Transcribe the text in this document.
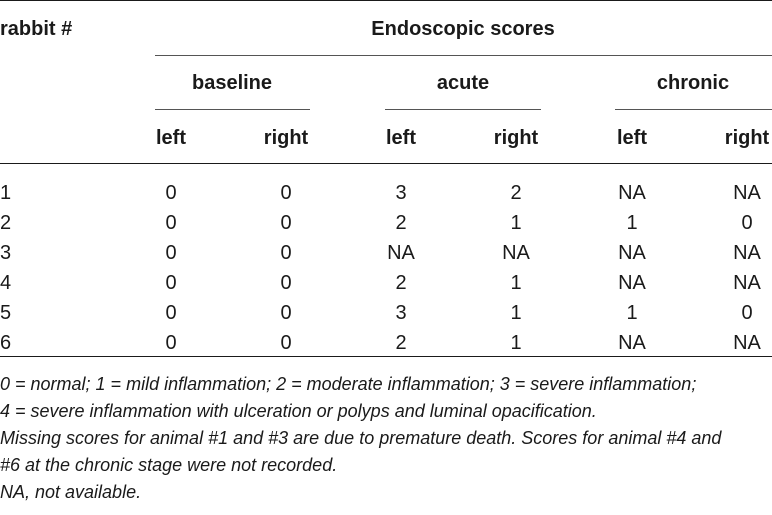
rabbit #	Endoscopic scores
baseline	acute	chronic
left	right	left	right	left	right
1	0	0	3	2	NA	NA
2	0	0	2	1	1	0
3	0	0	NA	NA	NA	NA
4	0	0	2	1	NA	NA
5	0	0	3	1	1	0
6	0	0	2	1	NA	NA
0 = normal; 1 = mild inflammation; 2 = moderate inflammation; 3 = severe inflammation;
4 = severe inflammation with ulceration or polyps and luminal opacification.
Missing scores for animal #1 and #3 are due to premature death. Scores for animal #4 and
#6 at the chronic stage were not recorded.
NA, not available.
